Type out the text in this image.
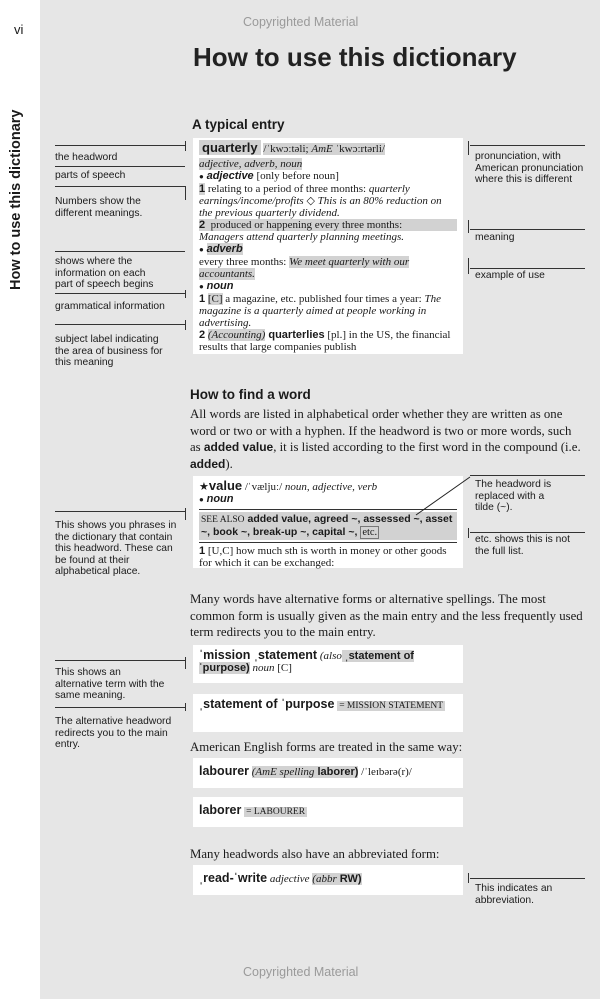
vi	Copyrighted Material
Copyrighted Material
How to use this dictionary
How to use this dictionary
A typical entry
the headword
parts of speech
Numbers show the different meanings.
shows where the information on each part of speech begins
grammatical information
subject label indicating the area of business for this meaning
pronunciation, with American pronunciation where this is different
meaning
example of use
quarterly /ˈkwɔːtəli; AmE ˈkwɔːrtərli/
adjective, adverb, noun
● adjective [only before noun]
1 relating to a period of three months: quarterly earnings/income/profits ◇ This is an 80% reduction on the previous quarterly dividend.
2 produced or happening every three months:
Managers attend quarterly planning meetings.
● adverb
every three months: We meet quarterly with our accountants.
● noun
1 [C] a magazine, etc. published four times a year: The magazine is a quarterly aimed at people working in advertising.
2 (Accounting) quarterlies [pl.] in the US, the financial results that large companies publish
How to find a word
All words are listed in alphabetical order whether they are written as one word or two or with a hyphen. If the headword is two or more words, such as added value, it is listed according to the first word in the compound (i.e. added).
This shows you phrases in the dictionary that contain this headword. These can be found at their alphabetical place.
The headword is replaced with a tilde (~).
etc. shows this is not the full list.
★value /ˈvæljuː/ noun, adjective, verb
● noun
SEE ALSO added value, agreed ~, assessed ~, asset ~, book ~, break-up ~, capital ~, etc.
1 [U,C] how much sth is worth in money or other goods for which it can be exchanged:
Many words have alternative forms or alternative spellings. The most common form is usually given as the main entry and the less frequently used term redirects you to the main entry.
This shows an alternative term with the same meaning.
The alternative headword redirects you to the main entry.
ˈmission ˌstatement (also ˌstatement of ˈpurpose) noun [C]
ˌstatement of ˈpurpose = MISSION STATEMENT
American English forms are treated in the same way:
labourer (AmE spelling laborer) /ˈleɪbərə(r)/
laborer = LABOURER
Many headwords also have an abbreviated form:
This indicates an abbreviation.
ˌread-ˈwrite adjective (abbr RW)
